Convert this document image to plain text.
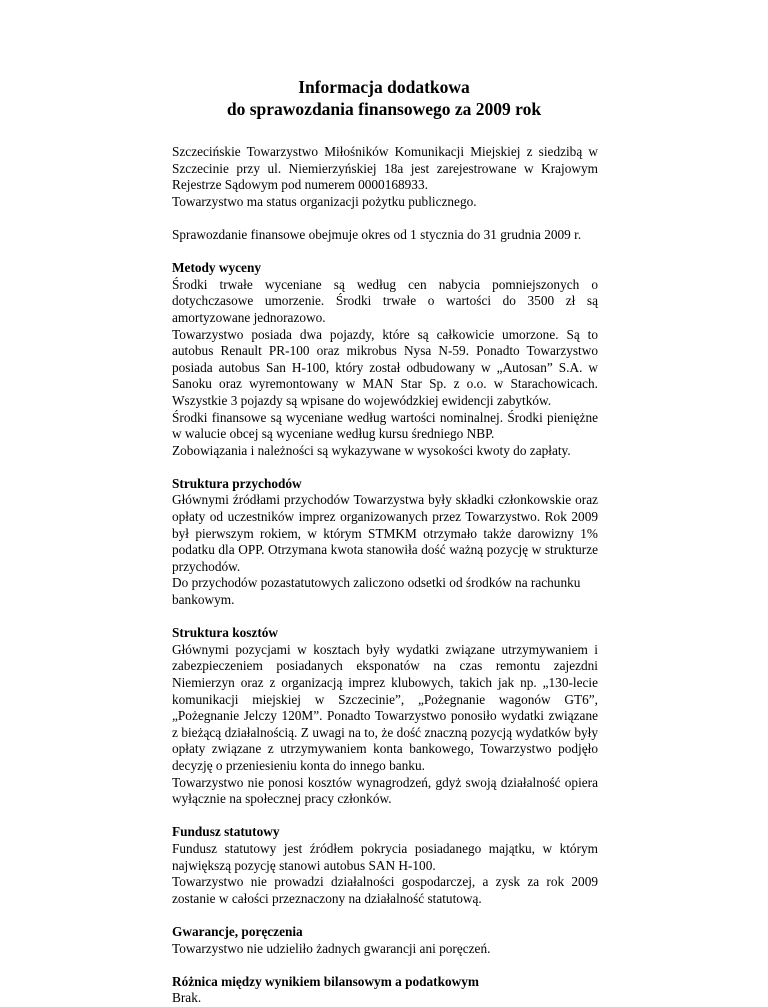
Informacja dodatkowa
do sprawozdania finansowego za 2009 rok

Szczecińskie Towarzystwo Miłośników Komunikacji Miejskiej z siedzibą w Szczecinie przy ul. Niemierzyńskiej 18a jest zarejestrowane w Krajowym Rejestrze Sądowym pod numerem 0000168933.

Towarzystwo ma status organizacji pożytku publicznego.

Sprawozdanie finansowe obejmuje okres od 1 stycznia do 31 grudnia 2009 r.

Metody wyceny

Środki trwałe wyceniane są według cen nabycia pomniejszonych o dotychczasowe umorzenie. Środki trwałe o wartości do 3500 zł są amortyzowane jednorazowo.

Towarzystwo posiada dwa pojazdy, które są całkowicie umorzone. Są to autobus Renault PR-100 oraz mikrobus Nysa N-59. Ponadto Towarzystwo posiada autobus San H-100, który został odbudowany w „Autosan” S.A. w Sanoku oraz wyremontowany w MAN Star Sp. z o.o. w Starachowicach. Wszystkie 3 pojazdy są wpisane do wojewódzkiej ewidencji zabytków.

Środki finansowe są wyceniane według wartości nominalnej. Środki pieniężne w walucie obcej są wyceniane według kursu średniego NBP.

Zobowiązania i należności są wykazywane w wysokości kwoty do zapłaty.

Struktura przychodów

Głównymi źródłami przychodów Towarzystwa były składki członkowskie oraz opłaty od uczestników imprez organizowanych przez Towarzystwo. Rok 2009 był pierwszym rokiem, w którym STMKM otrzymało także darowizny 1% podatku dla OPP. Otrzymana kwota stanowiła dość ważną pozycję w strukturze przychodów.

Do przychodów pozastatutowych zaliczono odsetki od środków na rachunku bankowym.

Struktura kosztów

Głównymi pozycjami w kosztach były wydatki związane utrzymywaniem i zabezpieczeniem posiadanych eksponatów na czas remontu zajezdni Niemierzyn oraz z organizacją imprez klubowych, takich jak np. „130-lecie komunikacji miejskiej w Szczecinie”, „Pożegnanie wagonów GT6”, „Pożegnanie Jelczy 120M”. Ponadto Towarzystwo ponosiło wydatki związane z bieżącą działalnością. Z uwagi na to, że dość znaczną pozycją wydatków były opłaty związane z utrzymywaniem konta bankowego, Towarzystwo podjęło decyzję o przeniesieniu konta do innego banku.

Towarzystwo nie ponosi kosztów wynagrodzeń, gdyż swoją działalność opiera wyłącznie na społecznej pracy członków.

Fundusz statutowy

Fundusz statutowy jest źródłem pokrycia posiadanego majątku, w którym największą pozycję stanowi autobus SAN H-100.

Towarzystwo nie prowadzi działalności gospodarczej, a zysk za rok 2009 zostanie w całości przeznaczony na działalność statutową.

Gwarancje, poręczenia

Towarzystwo nie udzieliło żadnych gwarancji ani poręczeń.

Różnica między wynikiem bilansowym a podatkowym

Brak.
